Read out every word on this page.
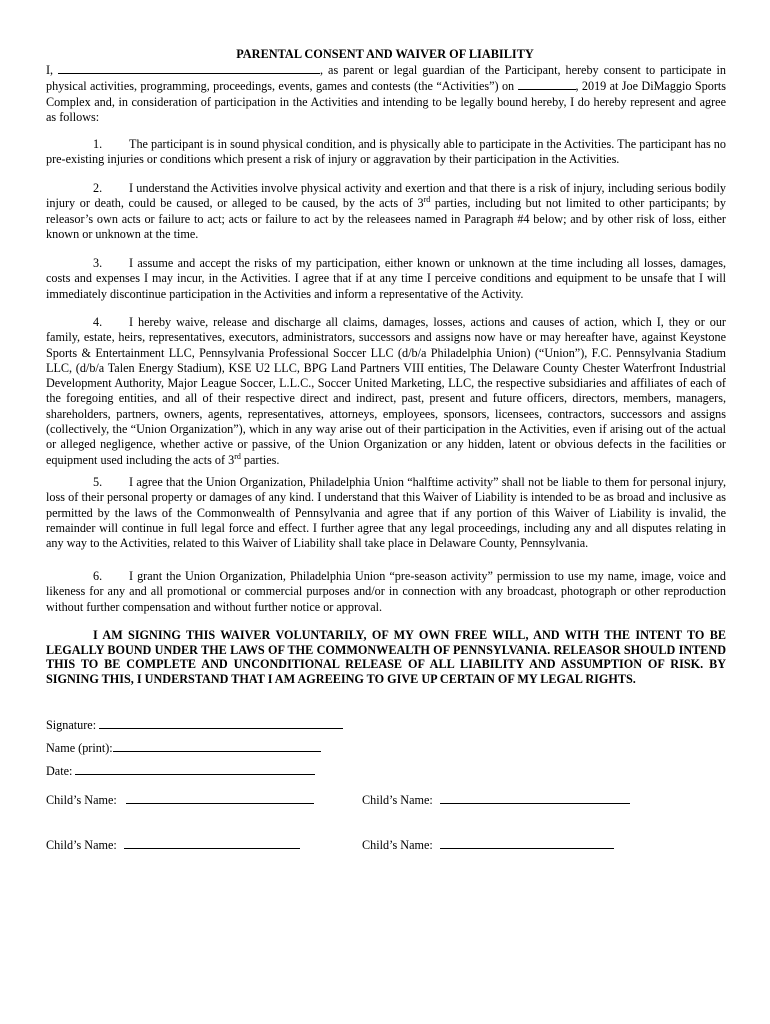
PARENTAL CONSENT AND WAIVER OF LIABILITY
I,	, as parent or legal guardian of the Participant, hereby consent to participate in physical activities, programming, proceedings, events, games and contests (the “Activities”) on	, 2019 at Joe DiMaggio Sports Complex and, in consideration of participation in the Activities and intending to be legally bound hereby, I do hereby represent and agree as follows:
1. The participant is in sound physical condition, and is physically able to participate in the Activities. The participant has no pre-existing injuries or conditions which present a risk of injury or aggravation by their participation in the Activities.
2. I understand the Activities involve physical activity and exertion and that there is a risk of injury, including serious bodily injury or death, could be caused, or alleged to be caused, by the acts of 3rd parties, including but not limited to other participants; by releasor’s own acts or failure to act; acts or failure to act by the releasees named in Paragraph #4 below; and by other risk of loss, either known or unknown at the time.
3. I assume and accept the risks of my participation, either known or unknown at the time including all losses, damages, costs and expenses I may incur, in the Activities. I agree that if at any time I perceive conditions and equipment to be unsafe that I will immediately discontinue participation in the Activities and inform a representative of the Activity.
4. I hereby waive, release and discharge all claims, damages, losses, actions and causes of action, which I, they or our family, estate, heirs, representatives, executors, administrators, successors and assigns now have or may hereafter have, against Keystone Sports & Entertainment LLC, Pennsylvania Professional Soccer LLC (d/b/a Philadelphia Union) (“Union”), F.C. Pennsylvania Stadium LLC, (d/b/a Talen Energy Stadium), KSE U2 LLC, BPG Land Partners VIII entities, The Delaware County Chester Waterfront Industrial Development Authority, Major League Soccer, L.L.C., Soccer United Marketing, LLC, the respective subsidiaries and affiliates of each of the foregoing entities, and all of their respective direct and indirect, past, present and future officers, directors, members, managers, shareholders, partners, owners, agents, representatives, attorneys, employees, sponsors, licensees, contractors, successors and assigns (collectively, the “Union Organization”), which in any way arise out of their participation in the Activities, even if arising out of the actual or alleged negligence, whether active or passive, of the Union Organization or any hidden, latent or obvious defects in the facilities or equipment used including the acts of 3rd parties.
5. I agree that the Union Organization, Philadelphia Union “halftime activity” shall not be liable to them for personal injury, loss of their personal property or damages of any kind. I understand that this Waiver of Liability is intended to be as broad and inclusive as permitted by the laws of the Commonwealth of Pennsylvania and agree that if any portion of this Waiver of Liability is invalid, the remainder will continue in full legal force and effect. I further agree that any legal proceedings, including any and all disputes relating in any way to the Activities, related to this Waiver of Liability shall take place in Delaware County, Pennsylvania.
6. I grant the Union Organization, Philadelphia Union “pre-season activity” permission to use my name, image, voice and likeness for any and all promotional or commercial purposes and/or in connection with any broadcast, photograph or other reproduction without further compensation and without further notice or approval.
I AM SIGNING THIS WAIVER VOLUNTARILY, OF MY OWN FREE WILL, AND WITH THE INTENT TO BE LEGALLY BOUND UNDER THE LAWS OF THE COMMONWEALTH OF PENNSYLVANIA. RELEASOR SHOULD INTEND THIS TO BE COMPLETE AND UNCONDITIONAL RELEASE OF ALL LIABILITY AND ASSUMPTION OF RISK. BY SIGNING THIS, I UNDERSTAND THAT I AM AGREEING TO GIVE UP CERTAIN OF MY LEGAL RIGHTS.
Signature:
Name (print):
Date:
Child’s Name:	Child’s Name:
Child’s Name:	Child’s Name:
